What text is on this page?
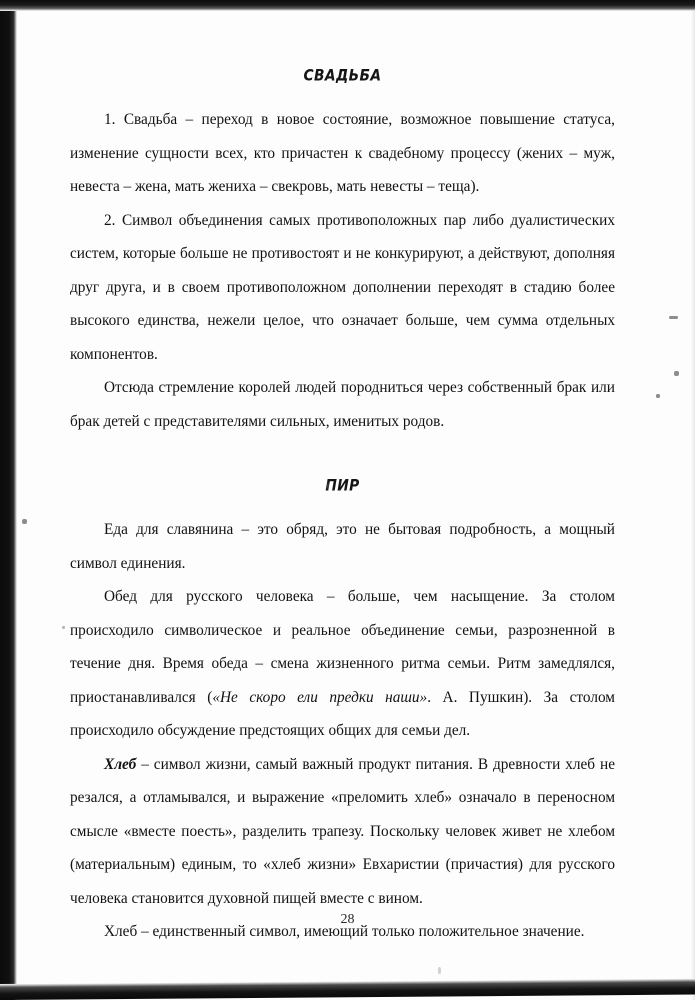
СВАДЬБА

1. Свадьба – переход в новое состояние, возможное повышение статуса, изменение сущности всех, кто причастен к свадебному процессу (жених – муж, невеста – жена, мать жениха – свекровь, мать невесты – теща).

2. Символ объединения самых противоположных пар либо дуалистических систем, которые больше не противостоят и не конкурируют, а действуют, дополняя друг друга, и в своем противоположном дополнении переходят в стадию более высокого единства, нежели целое, что означает больше, чем сумма отдельных компонентов.

Отсюда стремление королей людей породниться через собственный брак или брак детей с представителями сильных, именитых родов.

ПИР

Еда для славянина – это обряд, это не бытовая подробность, а мощный символ единения.

Обед для русского человека – больше, чем насыщение. За столом происходило символическое и реальное объединение семьи, разрозненной в течение дня. Время обеда – смена жизненного ритма семьи. Ритм замедлялся, приостанавливался («Не скоро ели предки наши». А. Пушкин). За столом происходило обсуждение предстоящих общих для семьи дел.

Хлеб – символ жизни, самый важный продукт питания. В древности хлеб не резался, а отламывался, и выражение «преломить хлеб» означало в переносном смысле «вместе поесть», разделить трапезу. Поскольку человек живет не хлебом (материальным) единым, то «хлеб жизни» Евхаристии (причастия) для русского человека становится духовной пищей вместе с вином.

Хлеб – единственный символ, имеющий только положительное значение.

28
